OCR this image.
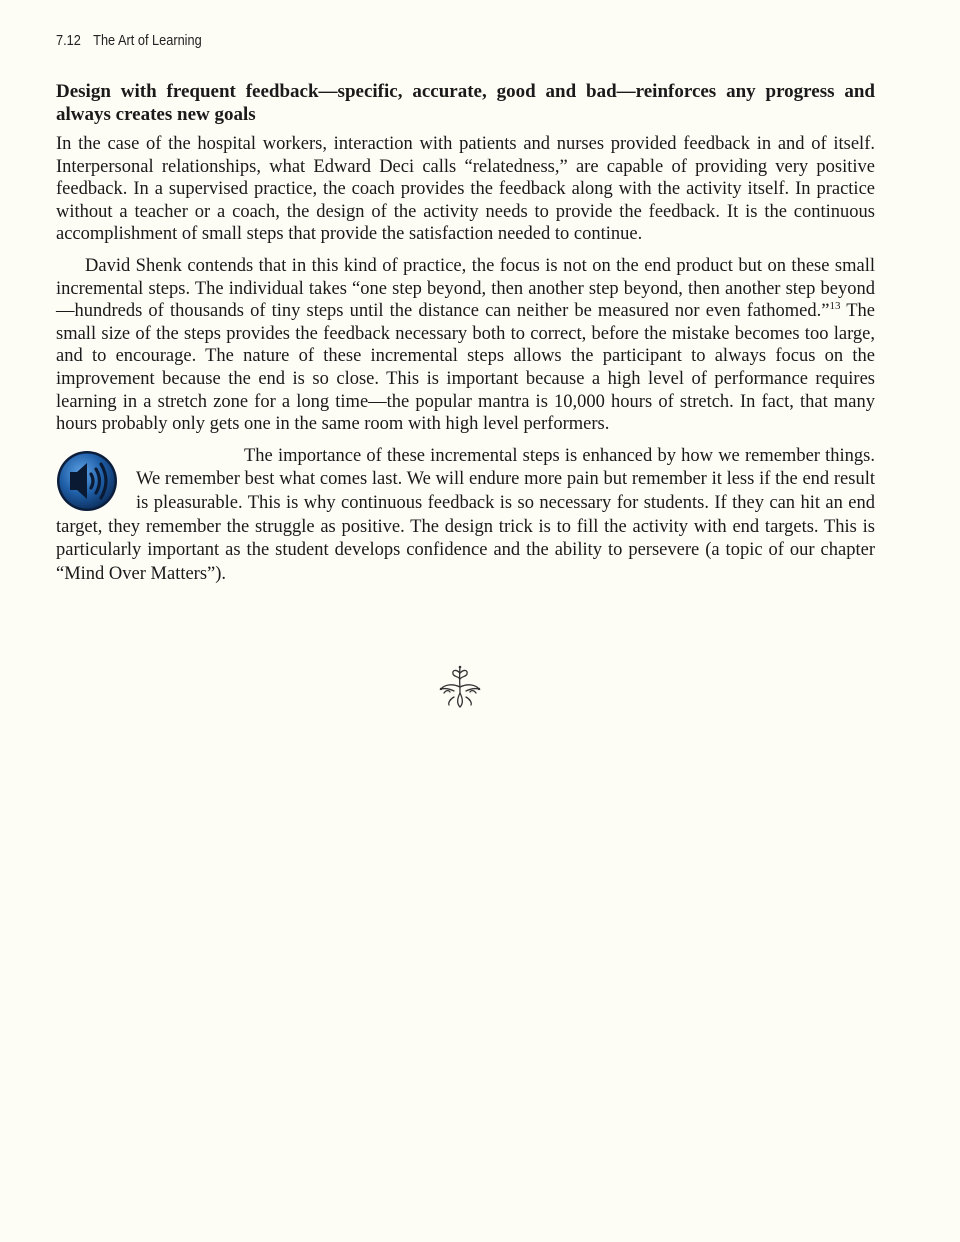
7.12 The Art of Learning
Design with frequent feedback—specific, accurate, good and bad—reinforces any progress and always creates new goals

In the case of the hospital workers, interaction with patients and nurses provided feedback in and of itself. Interpersonal relationships, what Edward Deci calls “relatedness,” are capable of providing very positive feedback. In a supervised practice, the coach provides the feedback along with the activity itself. In practice without a teacher or a coach, the design of the activity needs to provide the feedback. It is the continuous accomplishment of small steps that provide the satisfaction needed to continue.

David Shenk contends that in this kind of practice, the focus is not on the end product but on these small incremental steps. The individual takes “one step beyond, then another step beyond, then another step beyond—hundreds of thousands of tiny steps until the distance can neither be measured nor even fathomed.”$^{13}$ The small size of the steps provides the feedback necessary both to correct, before the mistake becomes too large, and to encourage. The nature of these incremental steps allows the participant to always focus on the improvement because the end is so close. This is important because a high level of performance requires learning in a stretch zone for a long time—the popular mantra is 10,000 hours of stretch. In fact, that many hours probably only gets one in the same room with high level performers.

The importance of these incremental steps is enhanced by how we remember things. We remember best what comes last. We will endure more pain but remember it less if the end result is pleasurable. This is why continuous feedback is so necessary for students. If they can hit an end target, they remember the struggle as positive. The design trick is to fill the activity with end targets. This is particularly important as the student develops confidence and the ability to persevere (a topic of our chapter “Mind Over Matters”).
